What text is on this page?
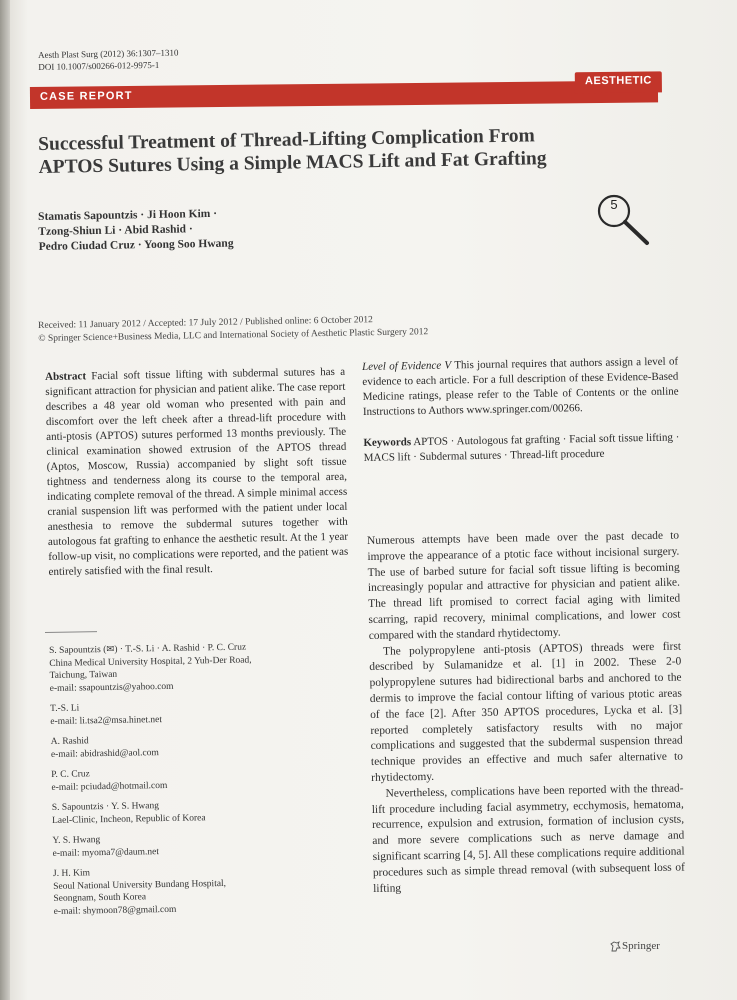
Aesth Plast Surg (2012) 36:1307–1310
DOI 10.1007/s00266-012-9975-1
CASE REPORT
AESTHETIC
Successful Treatment of Thread-Lifting Complication From
APTOS Sutures Using a Simple MACS Lift and Fat Grafting
Stamatis Sapountzis · Ji Hoon Kim ·
Tzong-Shiun Li · Abid Rashid ·
Pedro Ciudad Cruz · Yoong Soo Hwang
5
Received: 11 January 2012 / Accepted: 17 July 2012 / Published online: 6 October 2012
© Springer Science+Business Media, LLC and International Society of Aesthetic Plastic Surgery 2012
Abstract Facial soft tissue lifting with subdermal sutures has a significant attraction for physician and patient alike. The case report describes a 48 year old woman who presented with pain and discomfort over the left cheek after a thread-lift procedure with anti-ptosis (APTOS) sutures performed 13 months previously. The clinical examination showed extrusion of the APTOS thread (Aptos, Moscow, Russia) accompanied by slight soft tissue tightness and tenderness along its course to the temporal area, indicating complete removal of the thread. A simple minimal access cranial suspension lift was performed with the patient under local anesthesia to remove the subdermal sutures together with autologous fat grafting to enhance the aesthetic result. At the 1 year follow-up visit, no complications were reported, and the patient was entirely satisfied with the final result.
Level of Evidence V This journal requires that authors assign a level of evidence to each article. For a full description of these Evidence-Based Medicine ratings, please refer to the Table of Contents or the online Instructions to Authors www.springer.com/00266.
Keywords APTOS · Autologous fat grafting · Facial soft tissue lifting · MACS lift · Subdermal sutures · Thread-lift procedure
S. Sapountzis (✉) · T.-S. Li · A. Rashid · P. C. Cruz
China Medical University Hospital, 2 Yuh-Der Road,
Taichung, Taiwan
e-mail: ssapountzis@yahoo.com
T.-S. Li
e-mail: li.tsa2@msa.hinet.net
A. Rashid
e-mail: abidrashid@aol.com
P. C. Cruz
e-mail: pciudad@hotmail.com
S. Sapountzis · Y. S. Hwang
Lael-Clinic, Incheon, Republic of Korea
Y. S. Hwang
e-mail: myoma7@daum.net
J. H. Kim
Seoul National University Bundang Hospital,
Seongnam, South Korea
e-mail: shymoon78@gmail.com

Numerous attempts have been made over the past decade to improve the appearance of a ptotic face without incisional surgery. The use of barbed suture for facial soft tissue lifting is becoming increasingly popular and attractive for physician and patient alike. The thread lift promised to correct facial aging with limited scarring, rapid recovery, minimal complications, and lower cost compared with the standard rhytidectomy.

The polypropylene anti-ptosis (APTOS) threads were first described by Sulamanidze et al. [1] in 2002. These 2-0 polypropylene sutures had bidirectional barbs and anchored to the dermis to improve the facial contour lifting of various ptotic areas of the face [2]. After 350 APTOS procedures, Lycka et al. [3] reported completely satisfactory results with no major complications and suggested that the subdermal suspension thread technique provides an effective and much safer alternative to rhytidectomy.

Nevertheless, complications have been reported with the thread-lift procedure including facial asymmetry, ecchymosis, hematoma, recurrence, expulsion and extrusion, formation of inclusion cysts, and more severe complications such as nerve damage and significant scarring [4, 5]. All these complications require additional procedures such as simple thread removal (with subsequent loss of lifting

Springer
